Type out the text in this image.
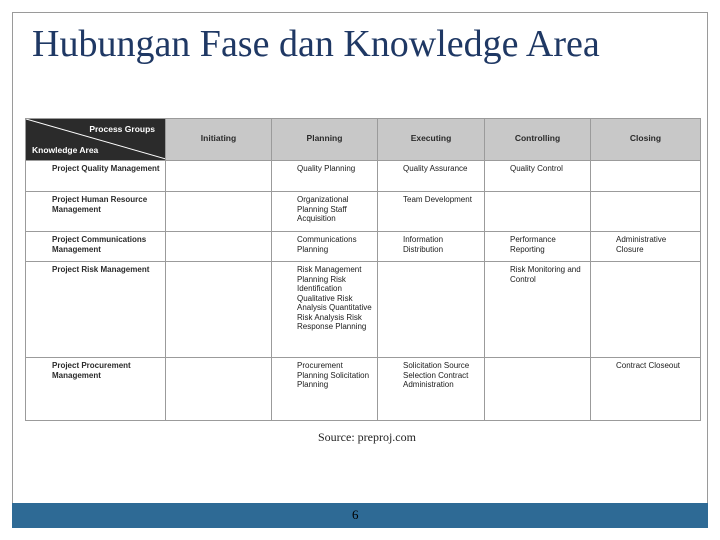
Hubungan Fase dan Knowledge Area
Process Groups
Knowledge Area	Initiating	Planning	Executing	Controlling	Closing
Project Quality Management		Quality Planning	Quality Assurance	Quality Control	
Project Human Resource Management		Organizational Planning Staff Acquisition	Team Development		
Project Communications Management		Communications Planning	Information Distribution	Performance Reporting	Administrative Closure
Project Risk Management		Risk Management Planning Risk Identification Qualitative Risk Analysis Quantitative Risk Analysis Risk Response Planning		Risk Monitoring and Control	
Project Procurement Management		Procurement Planning Solicitation Planning	Solicitation Source Selection Contract Administration		Contract Closeout
Source: preproj.com
6
